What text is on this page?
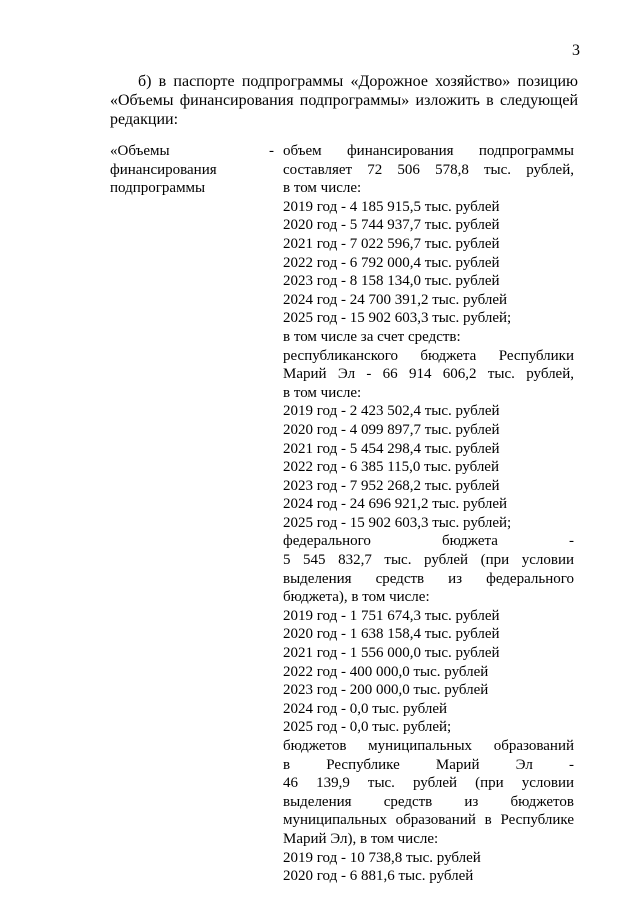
3
б) в паспорте подпрограммы «Дорожное хозяйство» позицию
«Объемы финансирования подпрограммы» изложить в следующей
редакции:
«Объемы
финансирования
подпрограммы
- объем финансирования подпрограммы
составляет 72 506 578,8 тыс. рублей,
в том числе:
2019 год - 4 185 915,5 тыс. рублей
2020 год - 5 744 937,7 тыс. рублей
2021 год - 7 022 596,7 тыс. рублей
2022 год - 6 792 000,4 тыс. рублей
2023 год - 8 158 134,0 тыс. рублей
2024 год - 24 700 391,2 тыс. рублей
2025 год - 15 902 603,3 тыс. рублей;
в том числе за счет средств:
республиканского бюджета Республики
Марий Эл - 66 914 606,2 тыс. рублей,
в том числе:
2019 год - 2 423 502,4 тыс. рублей
2020 год - 4 099 897,7 тыс. рублей
2021 год - 5 454 298,4 тыс. рублей
2022 год - 6 385 115,0 тыс. рублей
2023 год - 7 952 268,2 тыс. рублей
2024 год - 24 696 921,2 тыс. рублей
2025 год - 15 902 603,3 тыс. рублей;
федерального бюджета -
5 545 832,7 тыс. рублей (при условии
выделения средств из федерального
бюджета), в том числе:
2019 год - 1 751 674,3 тыс. рублей
2020 год - 1 638 158,4 тыс. рублей
2021 год - 1 556 000,0 тыс. рублей
2022 год - 400 000,0 тыс. рублей
2023 год - 200 000,0 тыс. рублей
2024 год - 0,0 тыс. рублей
2025 год - 0,0 тыс. рублей;
бюджетов муниципальных образований
в Республике Марий Эл -
46 139,9 тыс. рублей (при условии
выделения средств из бюджетов
муниципальных образований в Республике
Марий Эл), в том числе:
2019 год - 10 738,8 тыс. рублей
2020 год - 6 881,6 тыс. рублей
